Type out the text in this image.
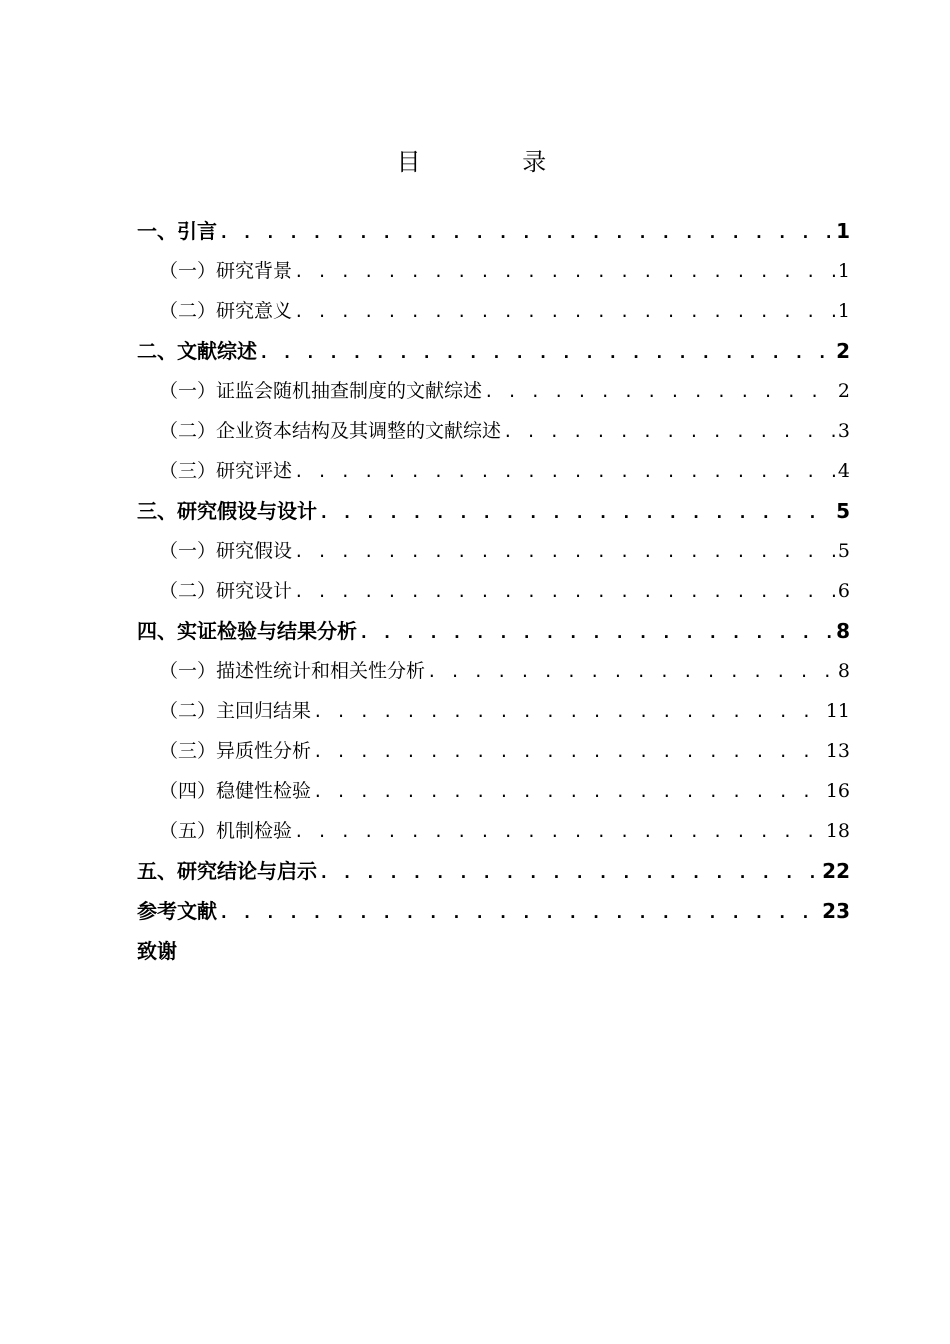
目 录
一、引言 . . .	1
（一）研究背景 . . .	1
（二）研究意义 . . .	1
二、文献综述 . . .	2
（一）证监会随机抽查制度的文献综述 . . .	2
（二）企业资本结构及其调整的文献综述 . . .	3
（三）研究评述 . . .	4
三、研究假设与设计 . . .	5
（一）研究假设 . . .	5
（二）研究设计 . . .	6
四、实证检验与结果分析 . . .	8
（一）描述性统计和相关性分析 . . .	8
（二）主回归结果 . . .	11
（三）异质性分析 . . .	13
（四）稳健性检验 . . .	16
（五）机制检验 . . .	18
五、研究结论与启示 . . .	22
参考文献 . . .	23
致谢
